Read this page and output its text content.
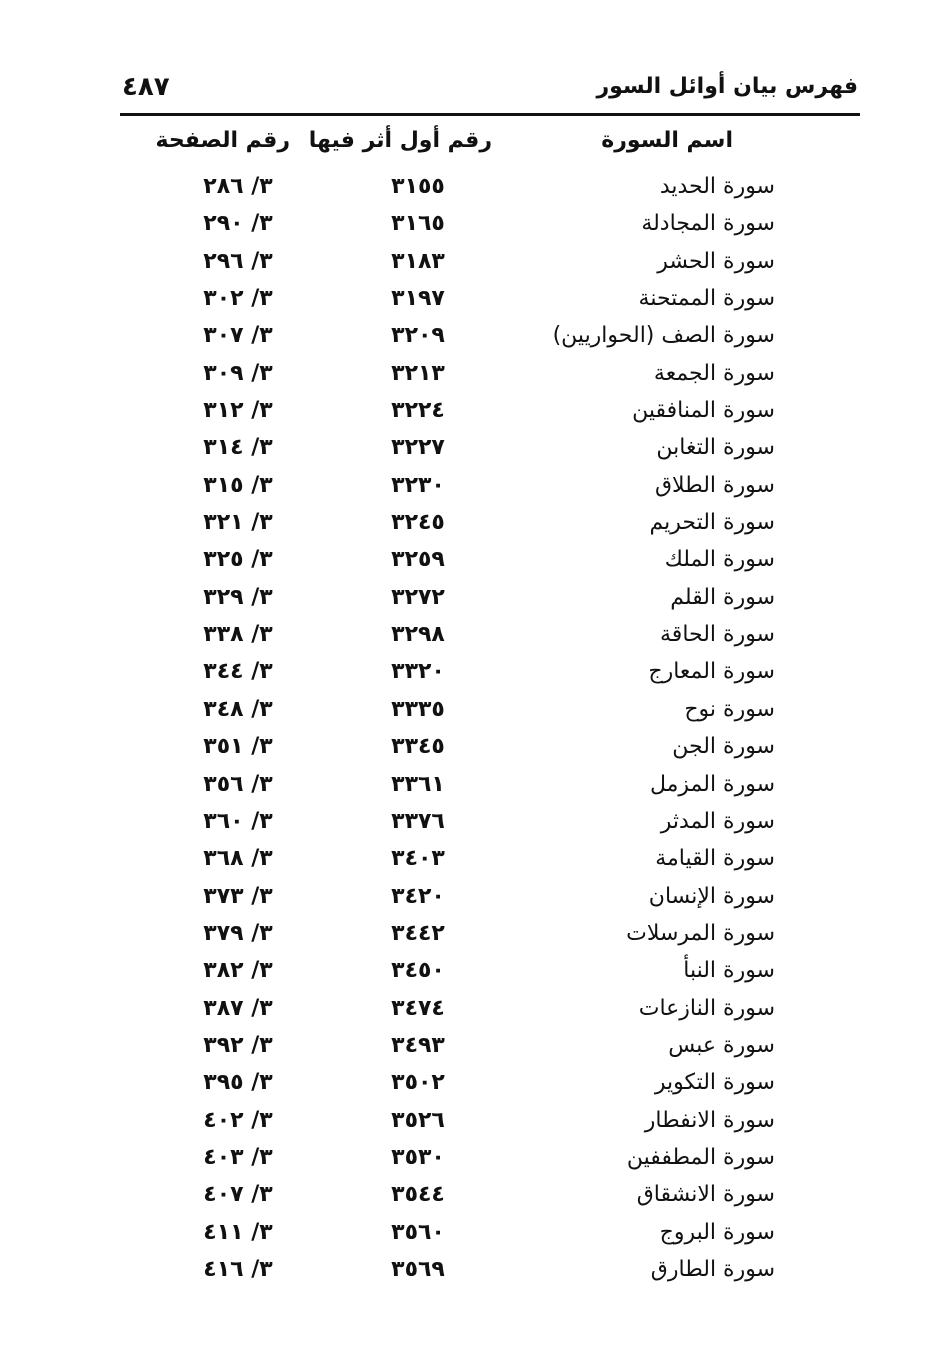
فهرس بيان أوائل السور
٤٨٧
اسم السورة
رقم أول أثر فيها
رقم الصفحة
سورة الحديد
٣١٥٥
٣/ ٢٨٦
سورة المجادلة
٣١٦٥
٣/ ٢٩٠
سورة الحشر
٣١٨٣
٣/ ٢٩٦
سورة الممتحنة
٣١٩٧
٣/ ٣٠٢
سورة الصف (الحواريين)
٣٢٠٩
٣/ ٣٠٧
سورة الجمعة
٣٢١٣
٣/ ٣٠٩
سورة المنافقين
٣٢٢٤
٣/ ٣١٢
سورة التغابن
٣٢٢٧
٣/ ٣١٤
سورة الطلاق
٣٢٣٠
٣/ ٣١٥
سورة التحريم
٣٢٤٥
٣/ ٣٢١
سورة الملك
٣٢٥٩
٣/ ٣٢٥
سورة القلم
٣٢٧٢
٣/ ٣٢٩
سورة الحاقة
٣٢٩٨
٣/ ٣٣٨
سورة المعارج
٣٣٢٠
٣/ ٣٤٤
سورة نوح
٣٣٣٥
٣/ ٣٤٨
سورة الجن
٣٣٤٥
٣/ ٣٥١
سورة المزمل
٣٣٦١
٣/ ٣٥٦
سورة المدثر
٣٣٧٦
٣/ ٣٦٠
سورة القيامة
٣٤٠٣
٣/ ٣٦٨
سورة الإنسان
٣٤٢٠
٣/ ٣٧٣
سورة المرسلات
٣٤٤٢
٣/ ٣٧٩
سورة النبأ
٣٤٥٠
٣/ ٣٨٢
سورة النازعات
٣٤٧٤
٣/ ٣٨٧
سورة عبس
٣٤٩٣
٣/ ٣٩٢
سورة التكوير
٣٥٠٢
٣/ ٣٩٥
سورة الانفطار
٣٥٢٦
٣/ ٤٠٢
سورة المطففين
٣٥٣٠
٣/ ٤٠٣
سورة الانشقاق
٣٥٤٤
٣/ ٤٠٧
سورة البروج
٣٥٦٠
٣/ ٤١١
سورة الطارق
٣٥٦٩
٣/ ٤١٦
